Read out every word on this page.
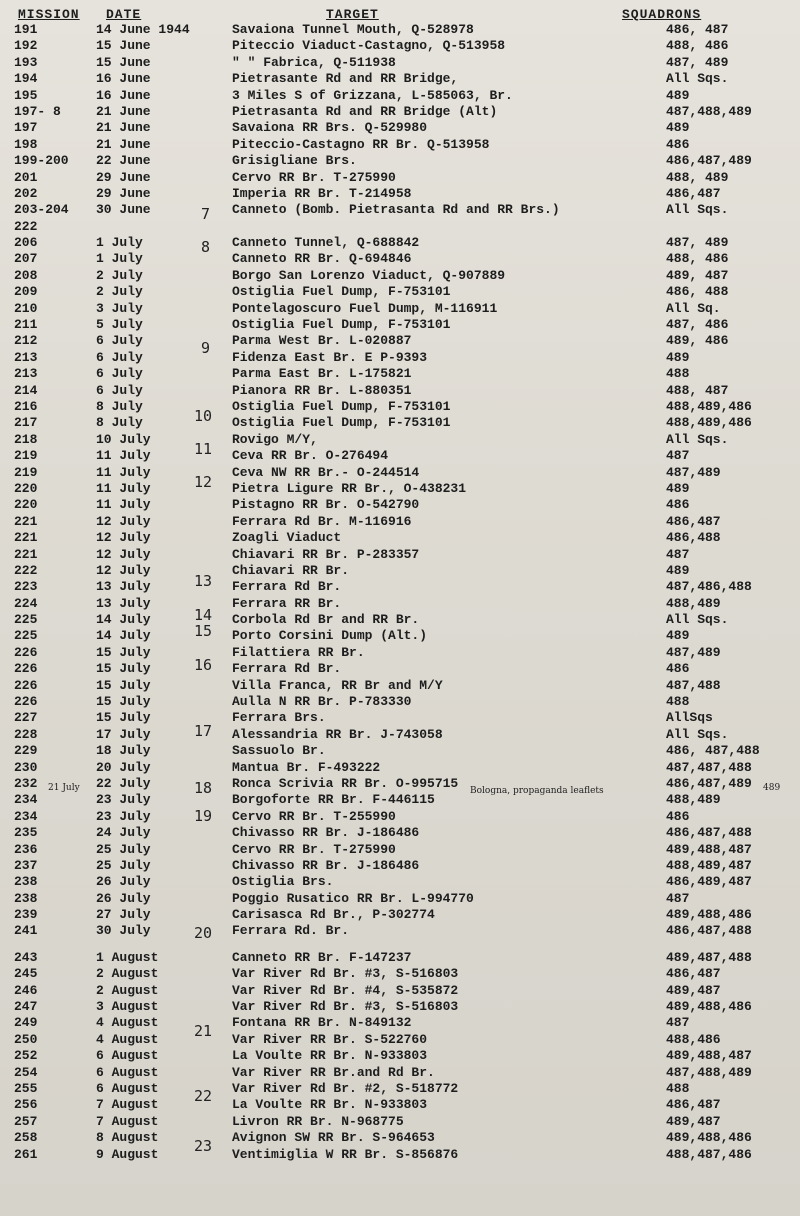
MISSION DATE	TARGET	SQUADRONS
191	14 June 1944	Savaiona Tunnel Mouth, Q-528978	486, 487
192	15 June	Piteccio Viaduct-Castagno, Q-513958	488, 486
193	15 June	" " Fabrica, Q-511938	487, 489
194	16 June	Pietrasante Rd and RR Bridge,	All Sqs.
195	16 June	3 Miles S of Grizzana, L-585063, Br.	489
197- 8	21 June	Pietrasanta Rd and RR Bridge (Alt)	487,488,489
197	21 June	Savaiona RR Brs. Q-529980	489
198	21 June	Piteccio-Castagno RR Br. Q-513958	486
199-200	22 June	Grisigliane Brs.	486,487,489
201	29 June	Cervo RR Br. T-275990	488, 489
202	29 June	Imperia RR Br. T-214958	486,487
203-204	30 June	Canneto (Bomb. Pietrasanta Rd and RR Brs.)	All Sqs.
222
206	1 July	Canneto Tunnel, Q-688842	487, 489
207	1 July	Canneto RR Br. Q-694846	488, 486
208	2 July	Borgo San Lorenzo Viaduct, Q-907889	489, 487
209	2 July	Ostiglia Fuel Dump, F-753101	486, 488
210	3 July	Pontelagoscuro Fuel Dump, M-116911	All Sq.
211	5 July	Ostiglia Fuel Dump, F-753101	487, 486
212	6 July	Parma West Br. L-020887	489, 486
213	6 July	Fidenza East Br. E P-9393	489
213	6 July	Parma East Br. L-175821	488
214	6 July	Pianora RR Br. L-880351	488, 487
216	8 July	Ostiglia Fuel Dump, F-753101	488,489,486
217	8 July	Ostiglia Fuel Dump, F-753101	488,489,486
218	10 July	Rovigo M/Y,	All Sqs.
219	11 July	Ceva RR Br. O-276494	487
219	11 July	Ceva NW RR Br.- O-244514	487,489
220	11 July	Pietra Ligure RR Br., O-438231	489
220	11 July	Pistagno RR Br. O-542790	486
221	12 July	Ferrara Rd Br. M-116916	486,487
221	12 July	Zoagli Viaduct	486,488
221	12 July	Chiavari RR Br. P-283357	487
222	12 July	Chiavari RR Br.	489
223	13 July	Ferrara Rd Br.	487,486,488
224	13 July	Ferrara RR Br.	488,489
225	14 July	Corbola Rd Br and RR Br.	All Sqs.
225	14 July	Porto Corsini Dump (Alt.)	489
226	15 July	Filattiera RR Br.	487,489
226	15 July	Ferrara Rd Br.	486
226	15 July	Villa Franca, RR Br and M/Y	487,488
226	15 July	Aulla N RR Br. P-783330	488
227	15 July	Ferrara Brs.	AllSqs
228	17 July	Alessandria RR Br. J-743058	All Sqs.
229	18 July	Sassuolo Br.	486, 487,488
230	20 July	Mantua Br. F-493222	487,487,488
232	22 July	Ronca Scrivia RR Br. O-995715	486,487,489
234	23 July	Borgoforte RR Br. F-446115	488,489
234	23 July	Cervo RR Br. T-255990	486
235	24 July	Chivasso RR Br. J-186486	486,487,488
236	25 July	Cervo RR Br. T-275990	489,488,487
237	25 July	Chivasso RR Br. J-186486	488,489,487
238	26 July	Ostiglia Brs.	486,489,487
238	26 July	Poggio Rusatico RR Br. L-994770	487
239	27 July	Carisasca Rd Br., P-302774	489,488,486
241	30 July	Ferrara Rd. Br.	486,487,488
243	1 August	Canneto RR Br. F-147237	489,487,488
245	2 August	Var River Rd Br. #3, S-516803	486,487
246	2 August	Var River Rd Br. #4, S-535872	489,487
247	3 August	Var River Rd Br. #3, S-516803	489,488,486
249	4 August	Fontana RR Br. N-849132	487
250	4 August	Var River RR Br. S-522760	488,486
252	6 August	La Voulte RR Br. N-933803	489,488,487
254	6 August	Var River RR Br.and Rd Br.	487,488,489
255	6 August	Var River Rd Br. #2, S-518772	488
256	7 August	La Voulte RR Br. N-933803	486,487
257	7 August	Livron RR Br. N-968775	489,487
258	8 August	Avignon SW RR Br. S-964653	489,488,486
261	9 August	Ventimiglia W RR Br. S-856876	488,487,486
7
8
9
10
11
12
13
14
15
16
17
18
19
20
21
22
23
21 July	Bologna, propaganda leaflets	489
